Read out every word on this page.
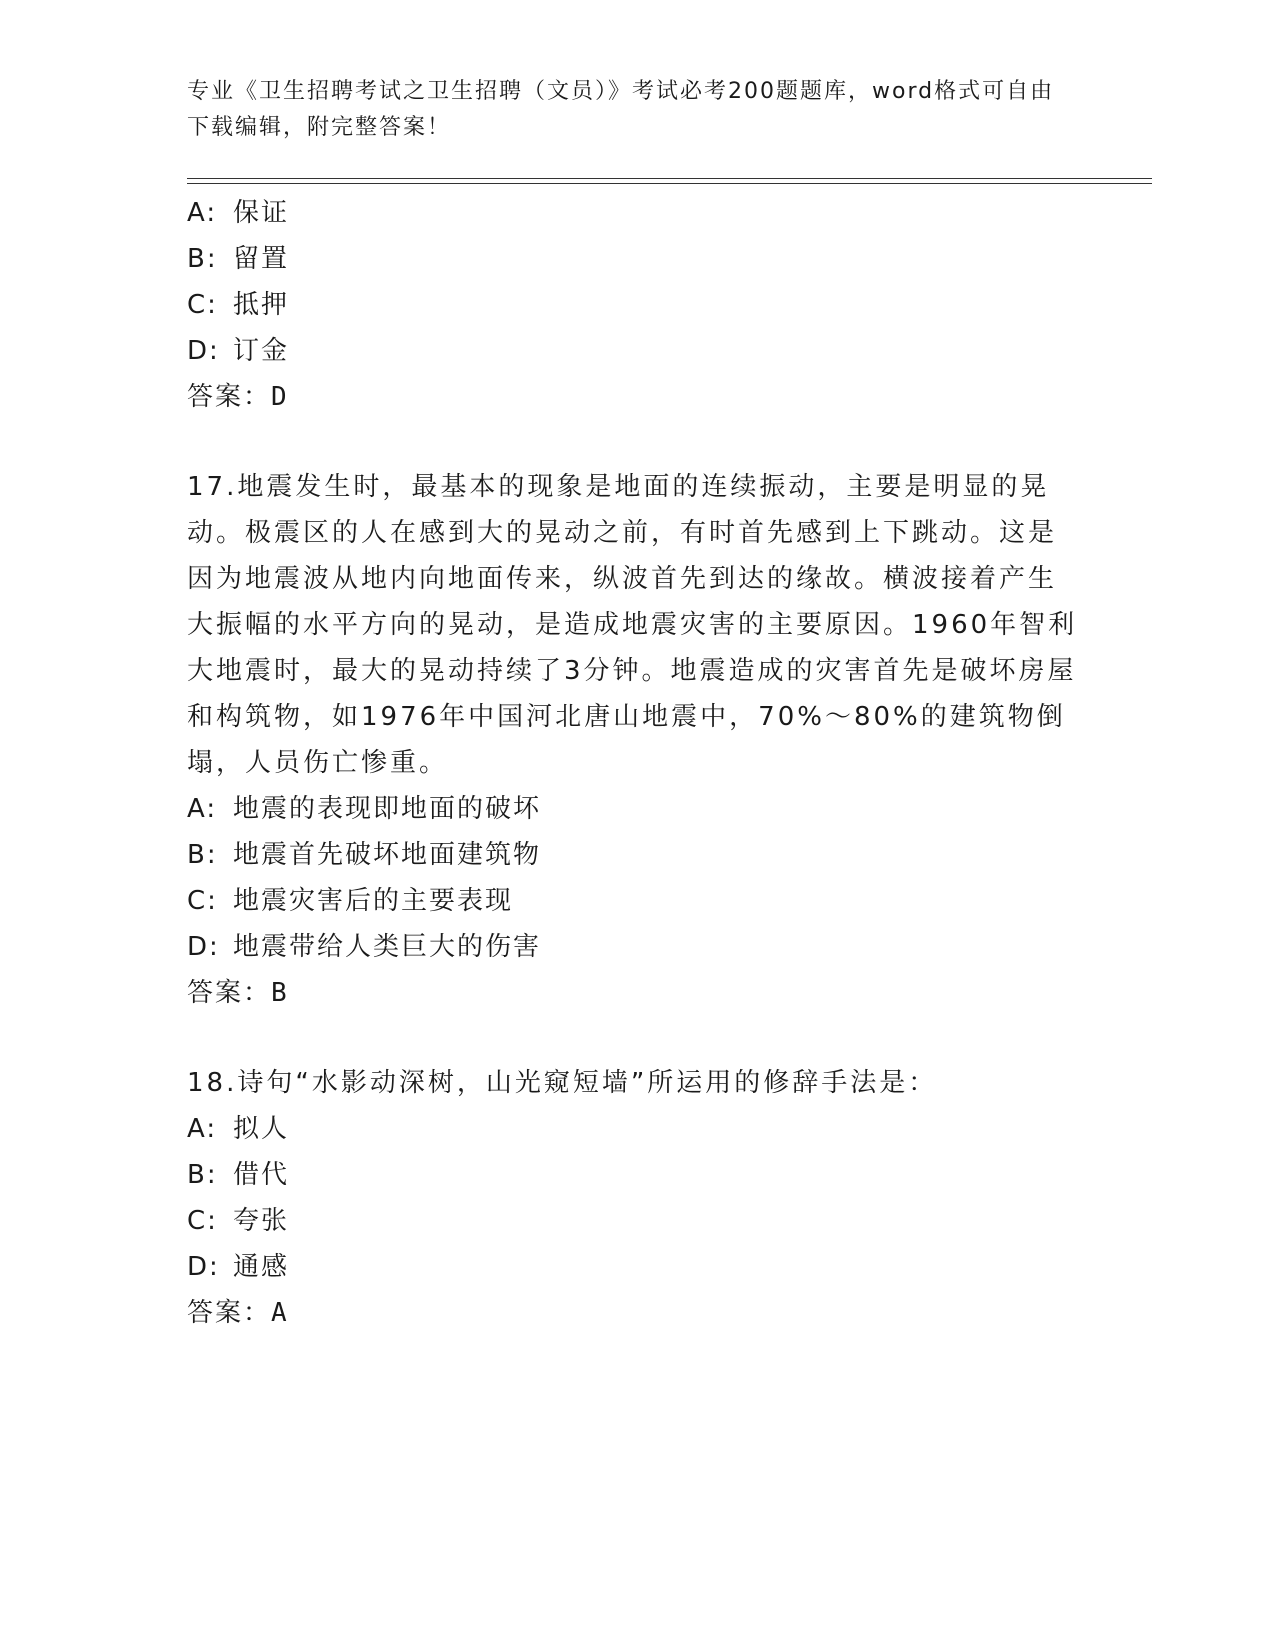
专业《卫生招聘考试之卫生招聘（文员）》考试必考200题题库，word格式可自由下载编辑，附完整答案！
A: 保证
B: 留置
C: 抵押
D: 订金
答案：D
17.地震发生时，最基本的现象是地面的连续振动，主要是明显的晃动。极震区的人在感到大的晃动之前，有时首先感到上下跳动。这是因为地震波从地内向地面传来，纵波首先到达的缘故。横波接着产生大振幅的水平方向的晃动，是造成地震灾害的主要原因。1960年智利大地震时，最大的晃动持续了3分钟。地震造成的灾害首先是破坏房屋和构筑物，如1976年中国河北唐山地震中，70%～80%的建筑物倒塌，人员伤亡惨重。
A: 地震的表现即地面的破坏
B: 地震首先破坏地面建筑物
C: 地震灾害后的主要表现
D: 地震带给人类巨大的伤害
答案：B
18.诗句“水影动深树，山光窥短墙”所运用的修辞手法是：
A: 拟人
B: 借代
C: 夸张
D: 通感
答案：A
